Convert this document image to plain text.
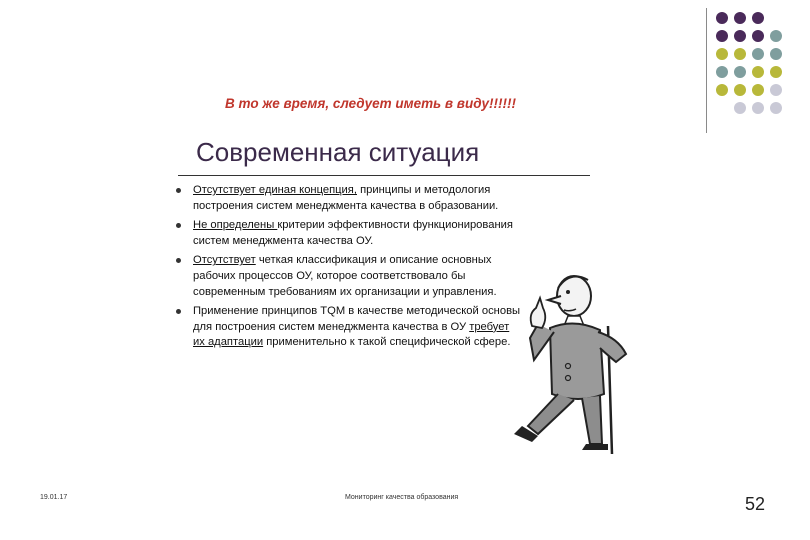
В то же время, следует иметь в виду!!!!!!
Современная ситуация
Отсутствует единая концепция, принципы и методология построения систем менеджмента качества в образовании.
Не определены критерии эффективности функционирования систем менеджмента качества ОУ.
Отсутствует четкая классификация и описание основных рабочих процессов ОУ, которое соответствовало бы современным требованиям их организации и управления.
Применение принципов TQM в качестве методической основы для построения систем менеджмента качества в ОУ требует их адаптации применительно к такой специфической сфере.
19.01.17	Мониторинг качества образования	52
